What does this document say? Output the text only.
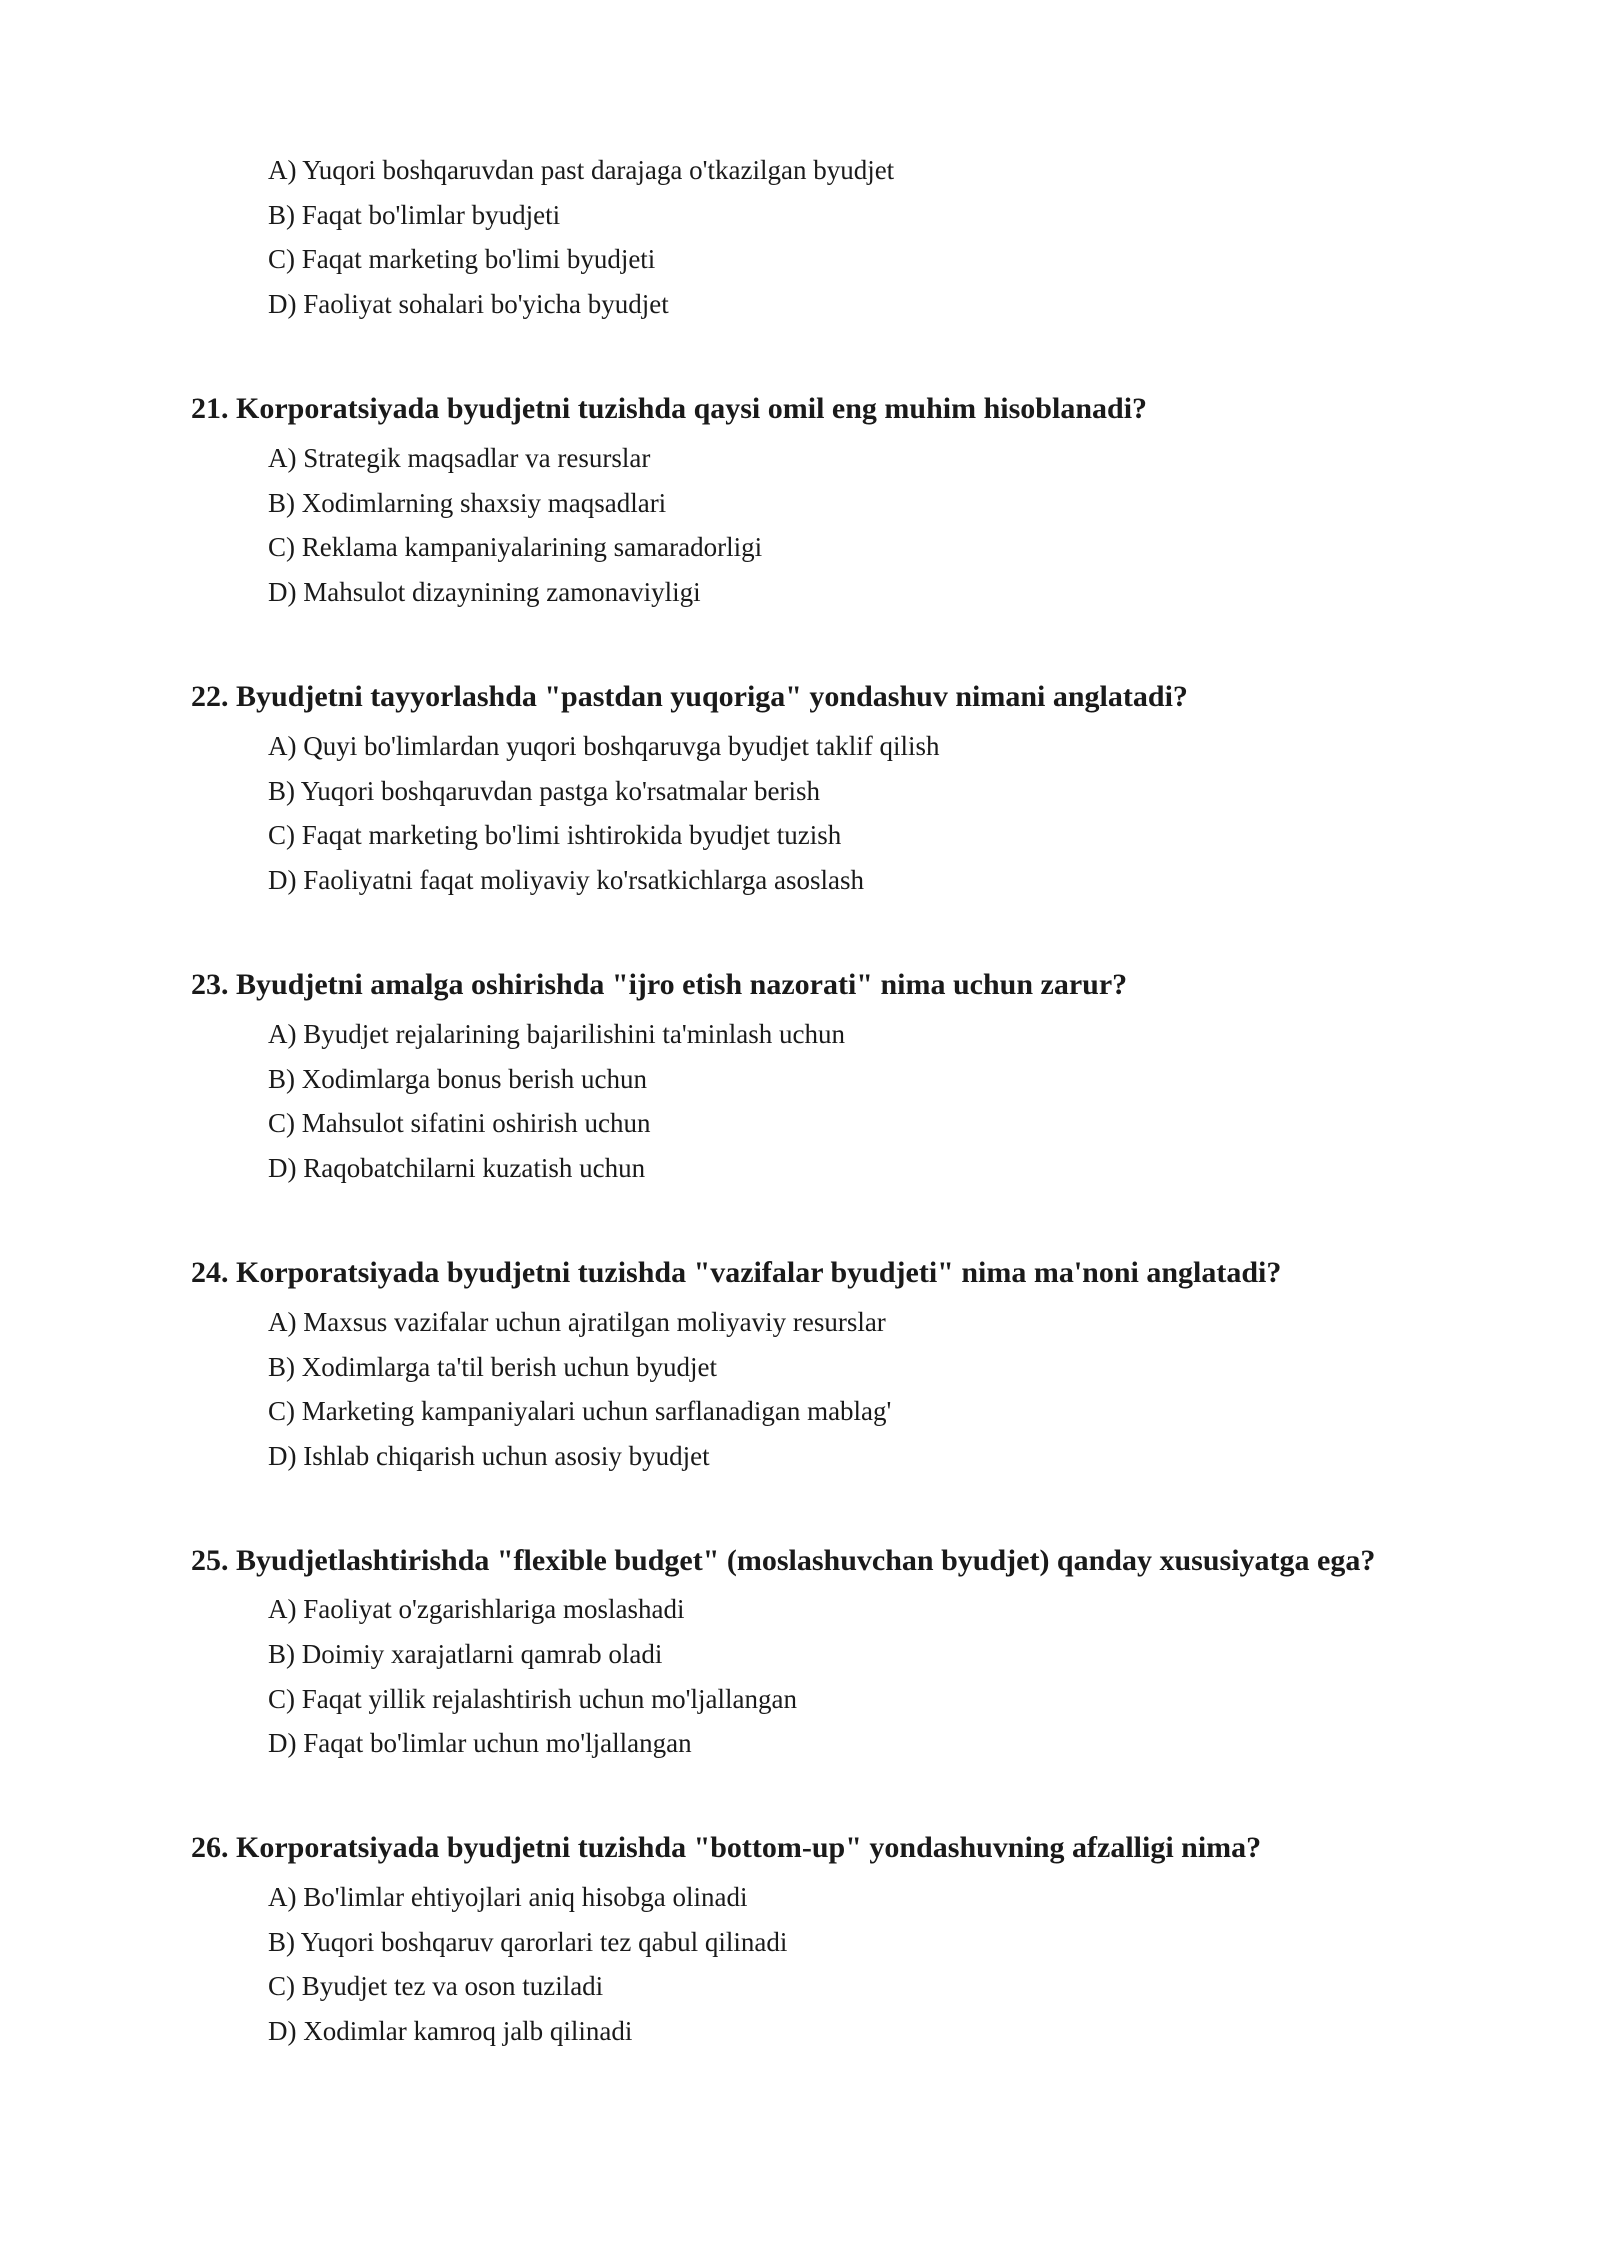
A) Yuqori boshqaruvdan past darajaga o'tkazilgan byudjet
B) Faqat bo'limlar byudjeti
C) Faqat marketing bo'limi byudjeti
D) Faoliyat sohalari bo'yicha byudjet
21. Korporatsiyada byudjetni tuzishda qaysi omil eng muhim hisoblanadi?
A) Strategik maqsadlar va resurslar
B) Xodimlarning shaxsiy maqsadlari
C) Reklama kampaniyalarining samaradorligi
D) Mahsulot dizaynining zamonaviyligi
22. Byudjetni tayyorlashda "pastdan yuqoriga" yondashuv nimani anglatadi?
A) Quyi bo'limlardan yuqori boshqaruvga byudjet taklif qilish
B) Yuqori boshqaruvdan pastga ko'rsatmalar berish
C) Faqat marketing bo'limi ishtirokida byudjet tuzish
D) Faoliyatni faqat moliyaviy ko'rsatkichlarga asoslash
23. Byudjetni amalga oshirishda "ijro etish nazorati" nima uchun zarur?
A) Byudjet rejalarining bajarilishini ta'minlash uchun
B) Xodimlarga bonus berish uchun
C) Mahsulot sifatini oshirish uchun
D) Raqobatchilarni kuzatish uchun
24. Korporatsiyada byudjetni tuzishda "vazifalar byudjeti" nima ma'noni anglatadi?
A) Maxsus vazifalar uchun ajratilgan moliyaviy resurslar
B) Xodimlarga ta'til berish uchun byudjet
C) Marketing kampaniyalari uchun sarflanadigan mablag'
D) Ishlab chiqarish uchun asosiy byudjet
25. Byudjetlashtirishda "flexible budget" (moslashuvchan byudjet) qanday xususiyatga ega?
A) Faoliyat o'zgarishlariga moslashadi
B) Doimiy xarajatlarni qamrab oladi
C) Faqat yillik rejalashtirish uchun mo'ljallangan
D) Faqat bo'limlar uchun mo'ljallangan
26. Korporatsiyada byudjetni tuzishda "bottom-up" yondashuvning afzalligi nima?
A) Bo'limlar ehtiyojlari aniq hisobga olinadi
B) Yuqori boshqaruv qarorlari tez qabul qilinadi
C) Byudjet tez va oson tuziladi
D) Xodimlar kamroq jalb qilinadi
